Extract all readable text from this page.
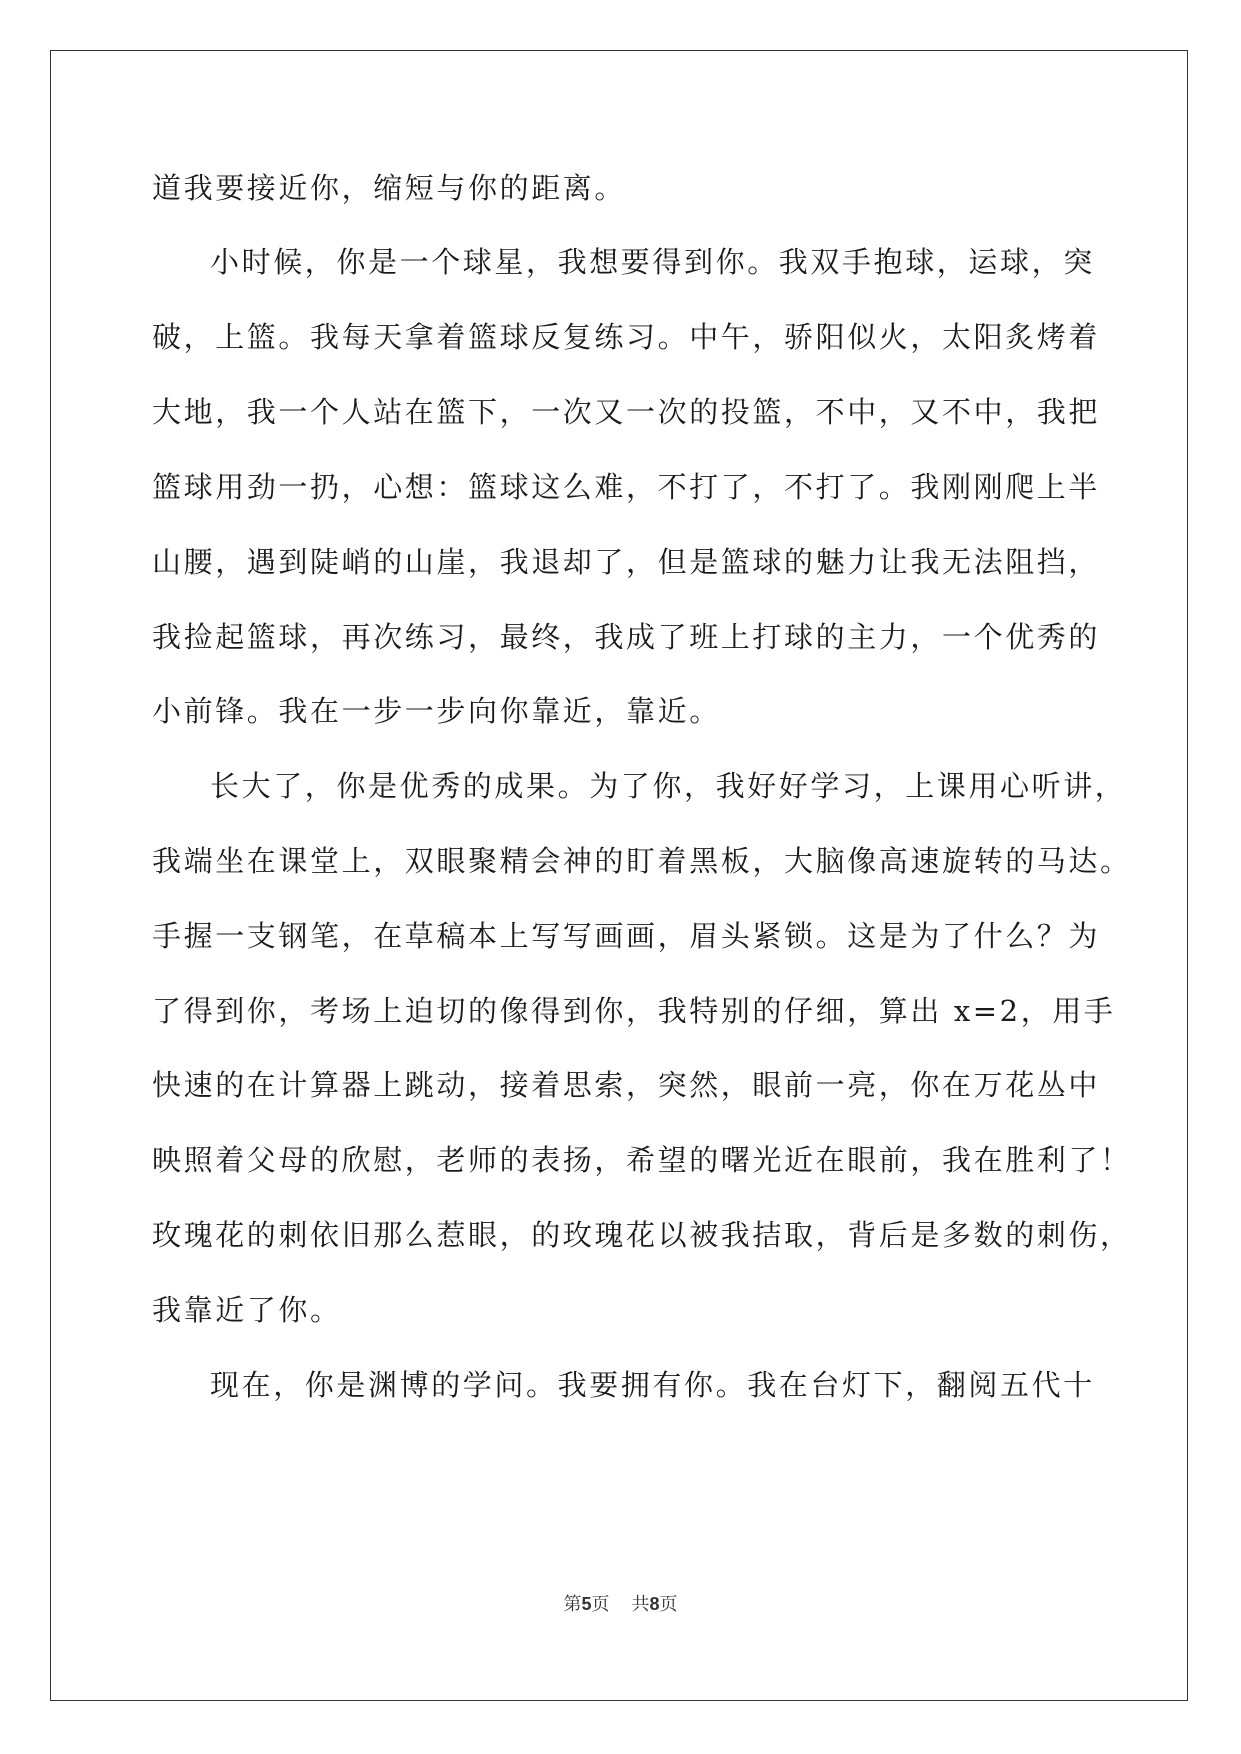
道我要接近你，缩短与你的距离。
小时候，你是一个球星，我想要得到你。我双手抱球，运球，突
破，上篮。我每天拿着篮球反复练习。中午，骄阳似火，太阳炙烤着
大地，我一个人站在篮下，一次又一次的投篮，不中，又不中，我把
篮球用劲一扔，心想：篮球这么难，不打了，不打了。我刚刚爬上半
山腰，遇到陡峭的山崖，我退却了，但是篮球的魅力让我无法阻挡，
我捡起篮球，再次练习，最终，我成了班上打球的主力，一个优秀的
小前锋。我在一步一步向你靠近，靠近。
长大了，你是优秀的成果。为了你，我好好学习，上课用心听讲，
我端坐在课堂上，双眼聚精会神的盯着黑板，大脑像高速旋转的马达。
手握一支钢笔，在草稿本上写写画画，眉头紧锁。这是为了什么？为
了得到你，考场上迫切的像得到你，我特别的仔细，算出 x=2，用手
快速的在计算器上跳动，接着思索，突然，眼前一亮，你在万花丛中
映照着父母的欣慰，老师的表扬，希望的曙光近在眼前，我在胜利了！
玫瑰花的刺依旧那么惹眼，的玫瑰花以被我拮取，背后是多数的刺伤，
我靠近了你。
现在，你是渊博的学问。我要拥有你。我在台灯下，翻阅五代十
第5页 共8页
